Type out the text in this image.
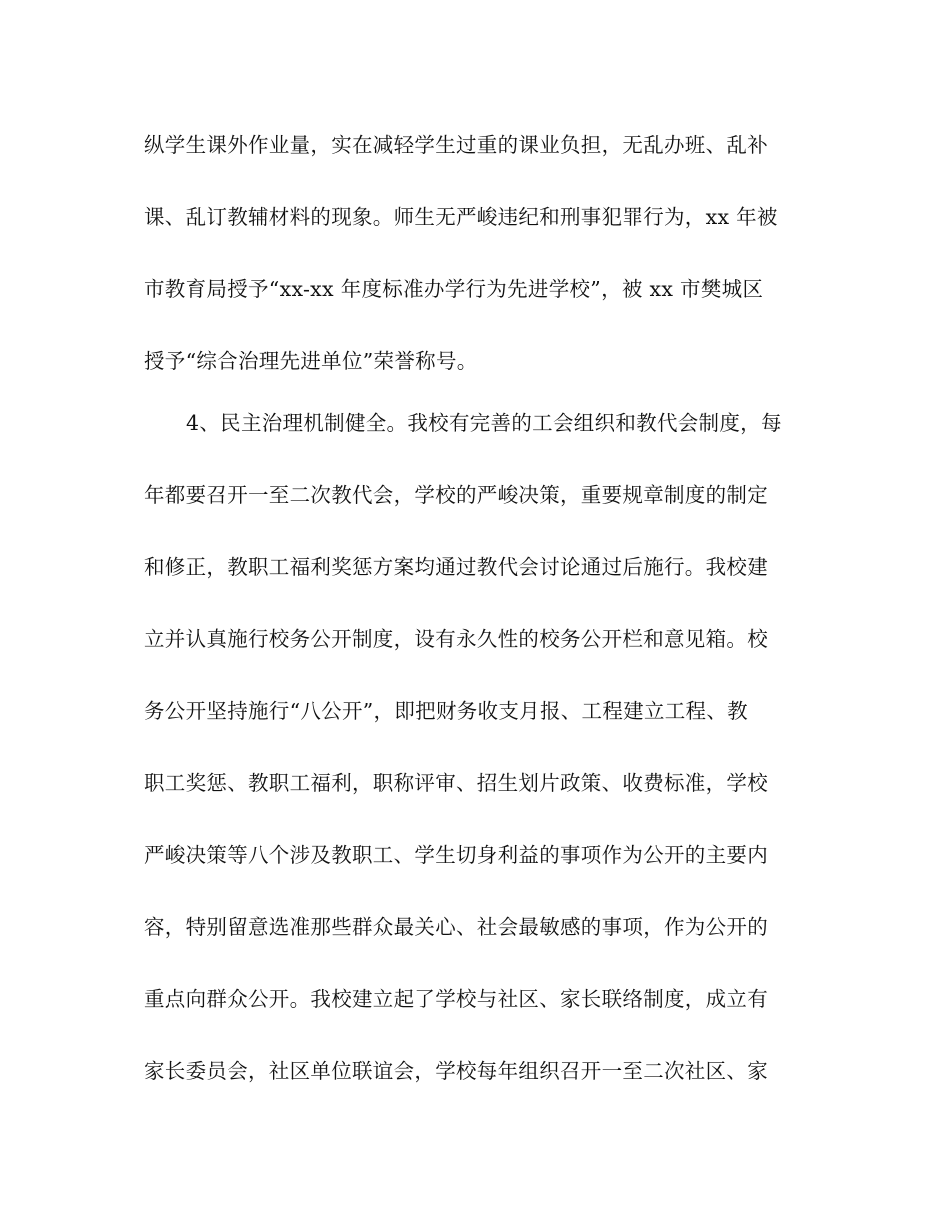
纵学生课外作业量，实在减轻学生过重的课业负担，无乱办班、乱补
课、乱订教辅材料的现象。师生无严峻违纪和刑事犯罪行为，xx 年被
市教育局授予“xx-xx 年度标准办学行为先进学校”，被 xx 市樊城区
授予“综合治理先进单位”荣誉称号。
4、民主治理机制健全。我校有完善的工会组织和教代会制度，每
年都要召开一至二次教代会，学校的严峻决策，重要规章制度的制定
和修正，教职工福利奖惩方案均通过教代会讨论通过后施行。我校建
立并认真施行校务公开制度，设有永久性的校务公开栏和意见箱。校
务公开坚持施行“八公开”，即把财务收支月报、工程建立工程、教
职工奖惩、教职工福利，职称评审、招生划片政策、收费标准，学校
严峻决策等八个涉及教职工、学生切身利益的事项作为公开的主要内
容，特别留意选准那些群众最关心、社会最敏感的事项，作为公开的
重点向群众公开。我校建立起了学校与社区、家长联络制度，成立有
家长委员会，社区单位联谊会，学校每年组织召开一至二次社区、家
